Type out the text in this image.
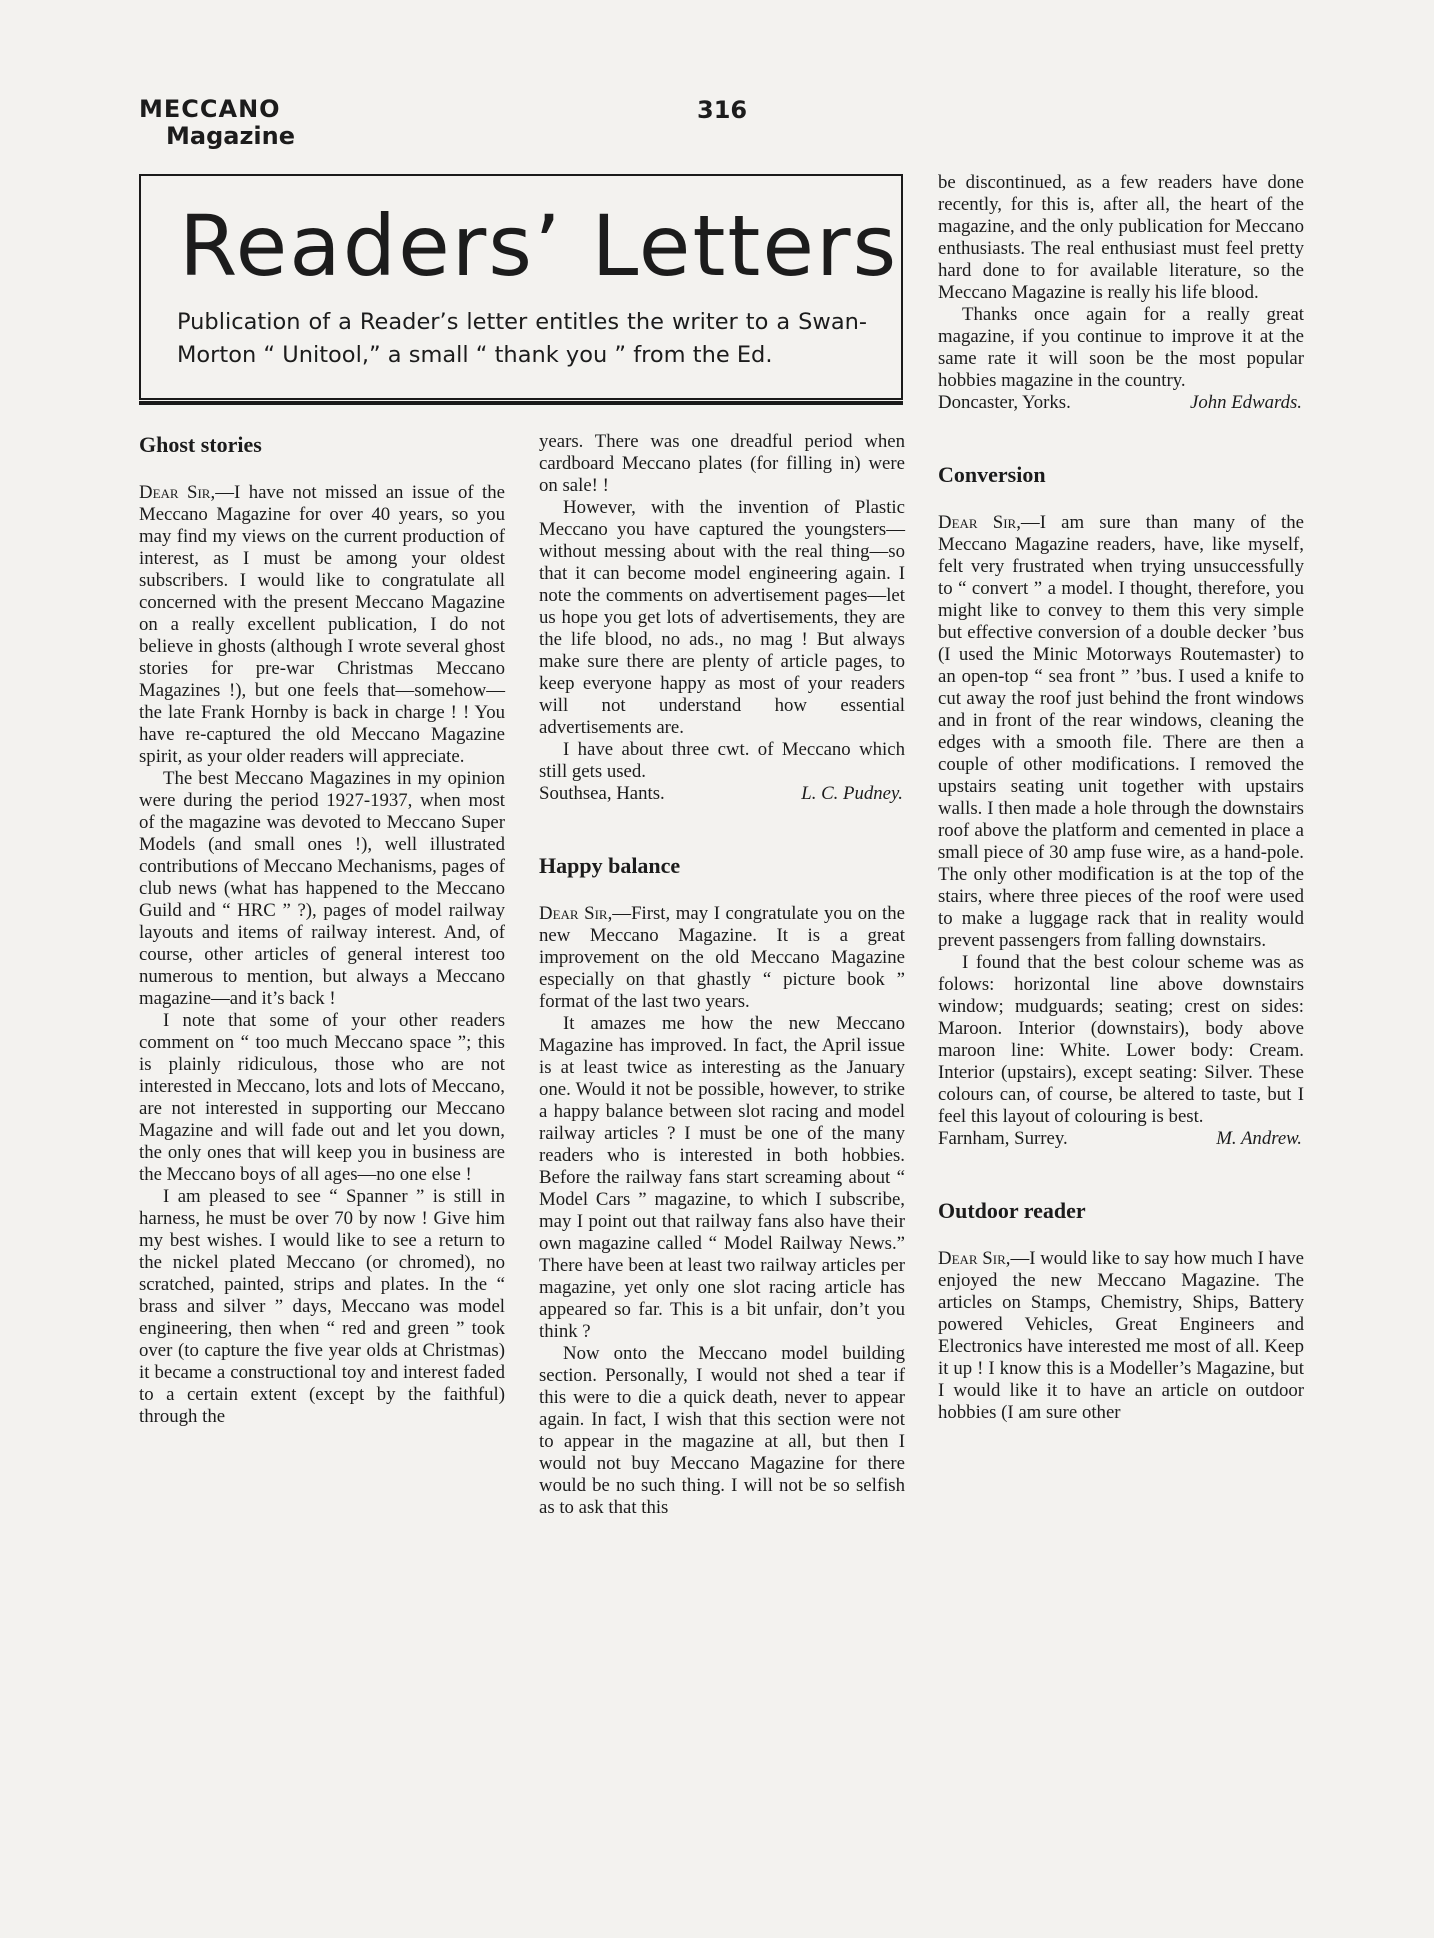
MECCANO
Magazine
316
Readers’ Letters
Publication of a Reader’s letter entitles the writer to a Swan-Morton “ Unitool,” a small “ thank you ” from the Ed.
Ghost stories

Dear Sir,—I have not missed an issue of the Meccano Magazine for over 40 years, so you may find my views on the current production of interest, as I must be among your oldest subscribers. I would like to congratulate all concerned with the present Meccano Magazine on a really excellent publication, I do not believe in ghosts (although I wrote several ghost stories for pre-war Christmas Meccano Magazines !), but one feels that—somehow—the late Frank Hornby is back in charge ! ! You have re-captured the old Meccano Magazine spirit, as your older readers will appreciate.

The best Meccano Magazines in my opinion were during the period 1927-1937, when most of the magazine was devoted to Meccano Super Models (and small ones !), well illustrated contributions of Meccano Mechanisms, pages of club news (what has happened to the Meccano Guild and “ HRC ” ?), pages of model railway layouts and items of railway interest. And, of course, other articles of general interest too numerous to mention, but always a Meccano magazine—and it’s back !

I note that some of your other readers comment on “ too much Meccano space ”; this is plainly ridiculous, those who are not interested in Meccano, lots and lots of Meccano, are not interested in supporting our Meccano Magazine and will fade out and let you down, the only ones that will keep you in business are the Meccano boys of all ages—no one else !

I am pleased to see “ Spanner ” is still in harness, he must be over 70 by now ! Give him my best wishes. I would like to see a return to the nickel plated Meccano (or chromed), no scratched, painted, strips and plates. In the “ brass and silver ” days, Meccano was model engineering, then when “ red and green ” took over (to capture the five year olds at Christmas) it became a constructional toy and interest faded to a certain extent (except by the faithful) through the

years. There was one dreadful period when cardboard Meccano plates (for filling in) were on sale! !

However, with the invention of Plastic Meccano you have captured the youngsters—without messing about with the real thing—so that it can become model engineering again. I note the comments on advertisement pages—let us hope you get lots of advertisements, they are the life blood, no ads., no mag ! But always make sure there are plenty of article pages, to keep everyone happy as most of your readers will not understand how essential advertisements are.

I have about three cwt. of Meccano which still gets used.

Southsea, Hants.	L. C. Pudney.

Happy balance

Dear Sir,—First, may I congratulate you on the new Meccano Magazine. It is a great improvement on the old Meccano Magazine especially on that ghastly “ picture book ” format of the last two years.

It amazes me how the new Meccano Magazine has improved. In fact, the April issue is at least twice as interesting as the January one. Would it not be possible, however, to strike a happy balance between slot racing and model railway articles ? I must be one of the many readers who is interested in both hobbies. Before the railway fans start screaming about “ Model Cars ” magazine, to which I subscribe, may I point out that railway fans also have their own magazine called “ Model Railway News.” There have been at least two railway articles per magazine, yet only one slot racing article has appeared so far. This is a bit unfair, don’t you think ?

Now onto the Meccano model building section. Personally, I would not shed a tear if this were to die a quick death, never to appear again. In fact, I wish that this section were not to appear in the magazine at all, but then I would not buy Meccano Magazine for there would be no such thing. I will not be so selfish as to ask that this

be discontinued, as a few readers have done recently, for this is, after all, the heart of the magazine, and the only publication for Meccano enthusiasts. The real enthusiast must feel pretty hard done to for available literature, so the Meccano Magazine is really his life blood.

Thanks once again for a really great magazine, if you continue to improve it at the same rate it will soon be the most popular hobbies magazine in the country.

Doncaster, Yorks.	John Edwards.

Conversion

Dear Sir,—I am sure than many of the Meccano Magazine readers, have, like myself, felt very frustrated when trying unsuccessfully to “ convert ” a model. I thought, therefore, you might like to convey to them this very simple but effective conversion of a double decker ’bus (I used the Minic Motorways Routemaster) to an open-top “ sea front ” ’bus. I used a knife to cut away the roof just behind the front windows and in front of the rear windows, cleaning the edges with a smooth file. There are then a couple of other modifications. I removed the upstairs seating unit together with upstairs walls. I then made a hole through the downstairs roof above the platform and cemented in place a small piece of 30 amp fuse wire, as a hand-pole. The only other modification is at the top of the stairs, where three pieces of the roof were used to make a luggage rack that in reality would prevent passengers from falling downstairs.

I found that the best colour scheme was as folows: horizontal line above downstairs window; mudguards; seating; crest on sides: Maroon. Interior (downstairs), body above maroon line: White. Lower body: Cream. Interior (upstairs), except seating: Silver. These colours can, of course, be altered to taste, but I feel this layout of colouring is best.

Farnham, Surrey.	M. Andrew.

Outdoor reader

Dear Sir,—I would like to say how much I have enjoyed the new Meccano Magazine. The articles on Stamps, Chemistry, Ships, Battery powered Vehicles, Great Engineers and Electronics have interested me most of all. Keep it up ! I know this is a Modeller’s Magazine, but I would like it to have an article on outdoor hobbies (I am sure other
